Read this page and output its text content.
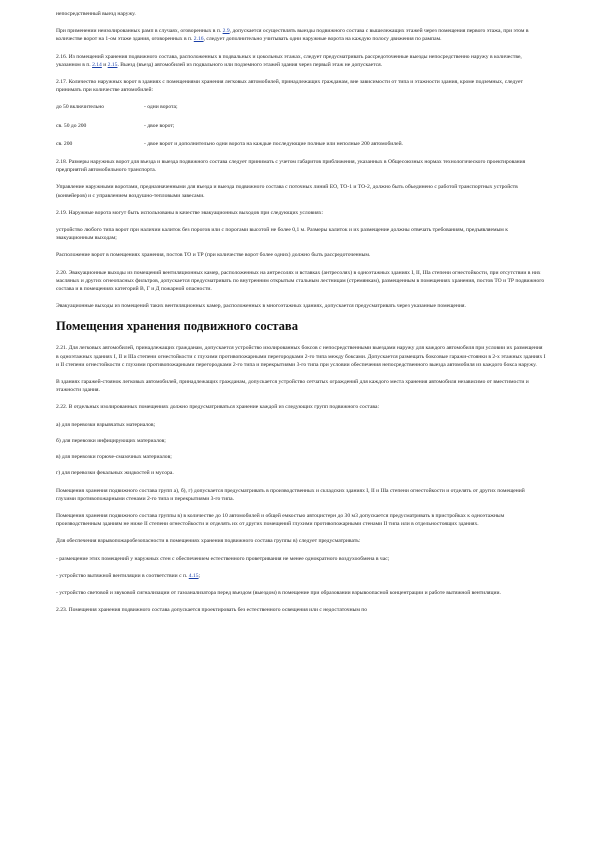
непосредственный выезд наружу.

При применении неизолированных рамп в случаях, оговоренных в п. 2.9, допускается осуществлять выезды подвижного состава с вышележащих этажей через помещения первого этажа, при этом в количестве ворот на 1-ом этаже здания, оговоренных в п. 2.16, следует дополнительно учитывать одни наружные ворота на каждую полосу движения по рампам.

2.16. Из помещений хранения подвижного состава, расположенных в подвальных и цокольных этажах, следует предусматривать рассредоточенные выезды непосредственно наружу в количестве, указанном в п. 2.14 и 2.15. Выезд (въезд) автомобилей из подвального или подземного этажей здания через первый этаж не допускается.

2.17. Количество наружных ворот в зданиях с помещениями хранения легковых автомобилей, принадлежащих гражданам, вне зависимости от типа и этажности здания, кроме подземных, следует принимать при количестве автомобилей:

до 50 включительно	- одни ворота;
св. 50 до 200	- двое ворот;
св. 200	- двое ворот и дополнительно одни ворота на каждые последующие полные или неполные 200 автомобилей.

2.18. Размеры наружных ворот для въезда и выезда подвижного состава следует принимать с учетом габаритов приближения, указанных в Общесоюзных нормах технологического проектирования предприятий автомобильного транспорта.

Управление наружными воротами, предназначенными для въезда и выезда подвижного состава с поточных линий ЕО, ТО-1 и ТО-2, должно быть объединено с работой транспортных устройств (конвейеров) и с управлением воздушно-тепловыми завесами.

2.19. Наружные ворота могут быть использованы в качестве эвакуационных выходов при следующих условиях:

устройство любого типа ворот при наличии калиток без порогов или с порогами высотой не более 0,1 м. Размеры калиток и их размещение должны отвечать требованиям, предъявляемым к эвакуационным выходам;

Расположение ворот в помещениях хранения, постов ТО и ТР (при количестве ворот более одних) должно быть рассредоточенным.

2.20. Эвакуационные выходы из помещений вентиляционных камер, расположенных на антресолях и вставках (антресолях) в одноэтажных зданиях I, II, IIIа степени огнестойкости, при отсутствии в них масляных и других огнеопасных фильтров, допускается предусматривать по внутренним открытым стальным лестницам (стремянкам), размещенным в помещениях хранения, постов ТО и ТР подвижного состава и в помещениях категорий В, Г и Д пожарной опасности.

Эвакуационные выходы из помещений таких вентиляционных камер, расположенных в многоэтажных зданиях, допускается предусматривать через указанные помещения.

Помещения хранения подвижного состава

2.21. Для легковых автомобилей, принадлежащих гражданам, допускается устройство изолированных боксов с непосредственными выездами наружу для каждого автомобиля при условии их размещения в одноэтажных зданиях I, II и IIIа степени огнестойкости с глухими противопожарными перегородками 2-го типа между боксами. Допускается размещать боксовые гаражи-стоянки в 2-х этажных зданиях I и II степени огнестойкости с глухими противопожарными перегородками 2-го типа и перекрытиями 3-го типа при условии обеспечения непосредственного выезда автомобиля из каждого бокса наружу.

В зданиях гаражей-стоянок легковых автомобилей, принадлежащих гражданам, допускается устройство сетчатых ограждений для каждого места хранения автомобиля независимо от вместимости и этажности здания.

2.22. В отдельных изолированных помещениях должно предусматриваться хранение каждой из следующих групп подвижного состава:

а) для перевозки взрывчатых материалов;

б) для перевозки инфицирующих материалов;

в) для перевозки горюче-смазочных материалов;

г) для перевозки фекальных жидкостей и мусора.

Помещения хранения подвижного состава групп а), б), г) допускается предусматривать в производственных и складских зданиях I, II и IIIа степени огнестойкости и отделять от других помещений глухими противопожарными стенами 2-го типа и перекрытиями 3-го типа.

Помещения хранения подвижного состава группы в) в количестве до 10 автомобилей и общей емкостью автоцистерн до 30 м3 допускается предусматривать в пристройках к одноэтажным производственным зданиям не ниже II степени огнестойкости и отделять их от других помещений глухими противопожарными стенами II типа или в отдельностоящих зданиях.

Для обеспечения взрывопожаробезопасности в помещениях хранения подвижного состава группы в) следует предусматривать:

- размещение этих помещений у наружных стен с обеспечением естественного проветривания не менее однократного воздухообмена в час;

- устройство вытяжной вентиляции в соответствии с п. 4.15;

- устройство световой и звуковой сигнализации от газоанализатора перед въездом (выездом) в помещение при образовании взрывоопасной концентрации и работе вытяжной вентиляции.

2.23. Помещения хранения подвижного состава допускается проектировать без естественного освещения или с недостаточным по
